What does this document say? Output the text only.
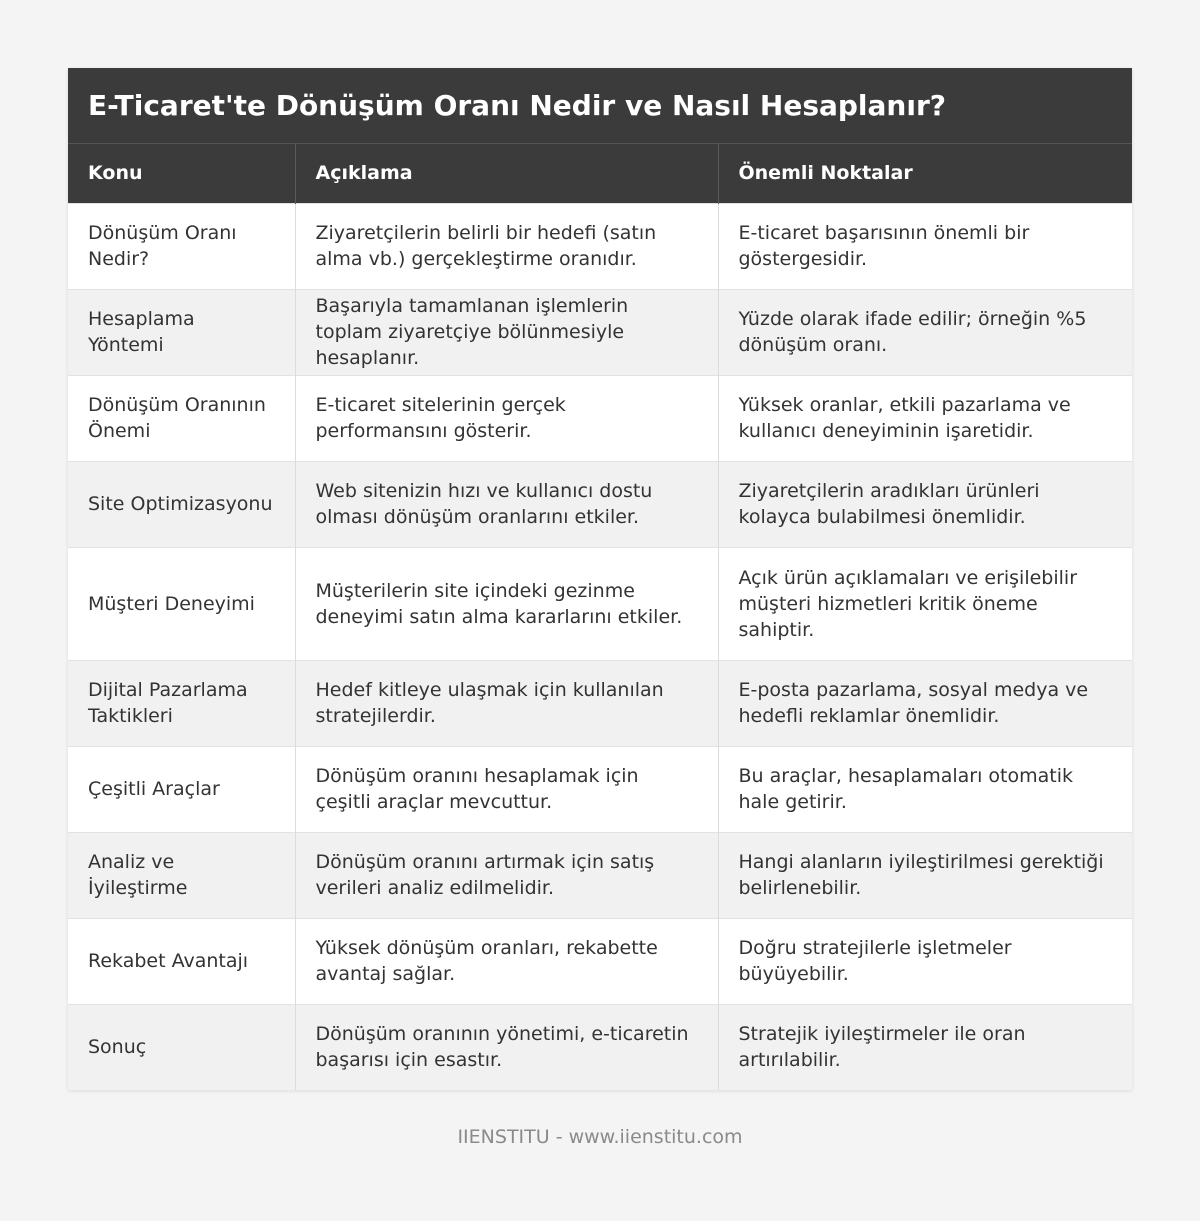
E-Ticaret'te Dönüşüm Oranı Nedir ve Nasıl Hesaplanır?
Konu	Açıklama	Önemli Noktalar
Dönüşüm Oranı Nedir?	Ziyaretçilerin belirli bir hedefi (satın alma vb.) gerçekleştirme oranıdır.	E-ticaret başarısının önemli bir göstergesidir.
Hesaplama Yöntemi	Başarıyla tamamlanan işlemlerin toplam ziyaretçiye bölünmesiyle hesaplanır.	Yüzde olarak ifade edilir; örneğin %5 dönüşüm oranı.
Dönüşüm Oranının Önemi	E-ticaret sitelerinin gerçek performansını gösterir.	Yüksek oranlar, etkili pazarlama ve kullanıcı deneyiminin işaretidir.
Site Optimizasyonu	Web sitenizin hızı ve kullanıcı dostu olması dönüşüm oranlarını etkiler.	Ziyaretçilerin aradıkları ürünleri kolayca bulabilmesi önemlidir.
Müşteri Deneyimi	Müşterilerin site içindeki gezinme deneyimi satın alma kararlarını etkiler.	Açık ürün açıklamaları ve erişilebilir müşteri hizmetleri kritik öneme sahiptir.
Dijital Pazarlama Taktikleri	Hedef kitleye ulaşmak için kullanılan stratejilerdir.	E-posta pazarlama, sosyal medya ve hedefli reklamlar önemlidir.
Çeşitli Araçlar	Dönüşüm oranını hesaplamak için çeşitli araçlar mevcuttur.	Bu araçlar, hesaplamaları otomatik hale getirir.
Analiz ve İyileştirme	Dönüşüm oranını artırmak için satış verileri analiz edilmelidir.	Hangi alanların iyileştirilmesi gerektiği belirlenebilir.
Rekabet Avantajı	Yüksek dönüşüm oranları, rekabette avantaj sağlar.	Doğru stratejilerle işletmeler büyüyebilir.
Sonuç	Dönüşüm oranının yönetimi, e-ticaretin başarısı için esastır.	Stratejik iyileştirmeler ile oran artırılabilir.
IIENSTITU - www.iienstitu.com
